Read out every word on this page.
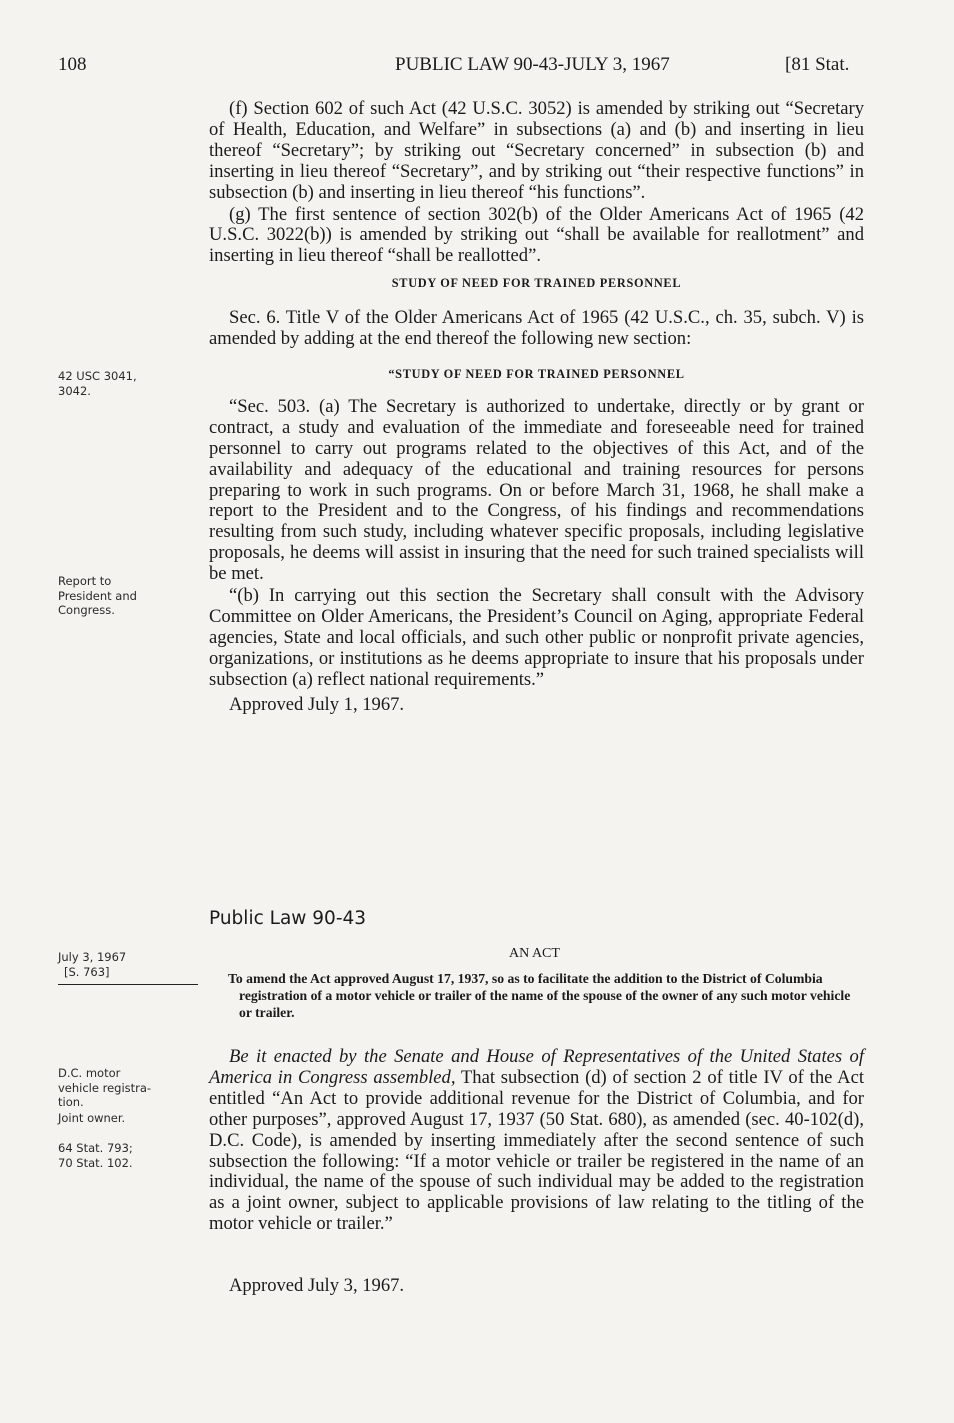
108	PUBLIC LAW 90-43-JULY 3, 1967	[81 Stat.

(f) Section 602 of such Act (42 U.S.C. 3052) is amended by striking out “Secretary of Health, Education, and Welfare” in subsections (a) and (b) and inserting in lieu thereof “Secretary”; by striking out “Secretary concerned” in subsection (b) and inserting in lieu thereof “Secretary”, and by striking out “their respective functions” in subsection (b) and inserting in lieu thereof “his functions”.

(g) The first sentence of section 302(b) of the Older Americans Act of 1965 (42 U.S.C. 3022(b)) is amended by striking out “shall be available for reallotment” and inserting in lieu thereof “shall be reallotted”.

STUDY OF NEED FOR TRAINED PERSONNEL

Sec. 6. Title V of the Older Americans Act of 1965 (42 U.S.C., ch. 35, subch. V) is amended by adding at the end thereof the following new section:

“STUDY OF NEED FOR TRAINED PERSONNEL

“Sec. 503. (a) The Secretary is authorized to undertake, directly or by grant or contract, a study and evaluation of the immediate and foreseeable need for trained personnel to carry out programs related to the objectives of this Act, and of the availability and adequacy of the educational and training resources for persons preparing to work in such programs. On or before March 31, 1968, he shall make a report to the President and to the Congress, of his findings and recommendations resulting from such study, including whatever specific proposals, including legislative proposals, he deems will assist in insuring that the need for such trained specialists will be met.

“(b) In carrying out this section the Secretary shall consult with the Advisory Committee on Older Americans, the President’s Council on Aging, appropriate Federal agencies, State and local officials, and such other public or nonprofit private agencies, organizations, or institutions as he deems appropriate to insure that his proposals under subsection (a) reflect national requirements.”

Approved July 1, 1967.

42 USC 3041,
3042.
Report to
President and
Congress.
July 3, 1967
[S. 763]
D.C. motor
vehicle registra-
tion.
Joint owner.
64 Stat. 793;
70 Stat. 102.
Public Law 90-43
AN ACT
To amend the Act approved August 17, 1937, so as to facilitate the addition to the District of Columbia registration of a motor vehicle or trailer of the name of the spouse of the owner of any such motor vehicle or trailer.

Be it enacted by the Senate and House of Representatives of the United States of America in Congress assembled, That subsection (d) of section 2 of title IV of the Act entitled “An Act to provide additional revenue for the District of Columbia, and for other purposes”, approved August 17, 1937 (50 Stat. 680), as amended (sec. 40-102(d), D.C. Code), is amended by inserting immediately after the second sentence of such subsection the following: “If a motor vehicle or trailer be registered in the name of an individual, the name of the spouse of such individual may be added to the registration as a joint owner, subject to applicable provisions of law relating to the titling of the motor vehicle or trailer.”

Approved July 3, 1967.
